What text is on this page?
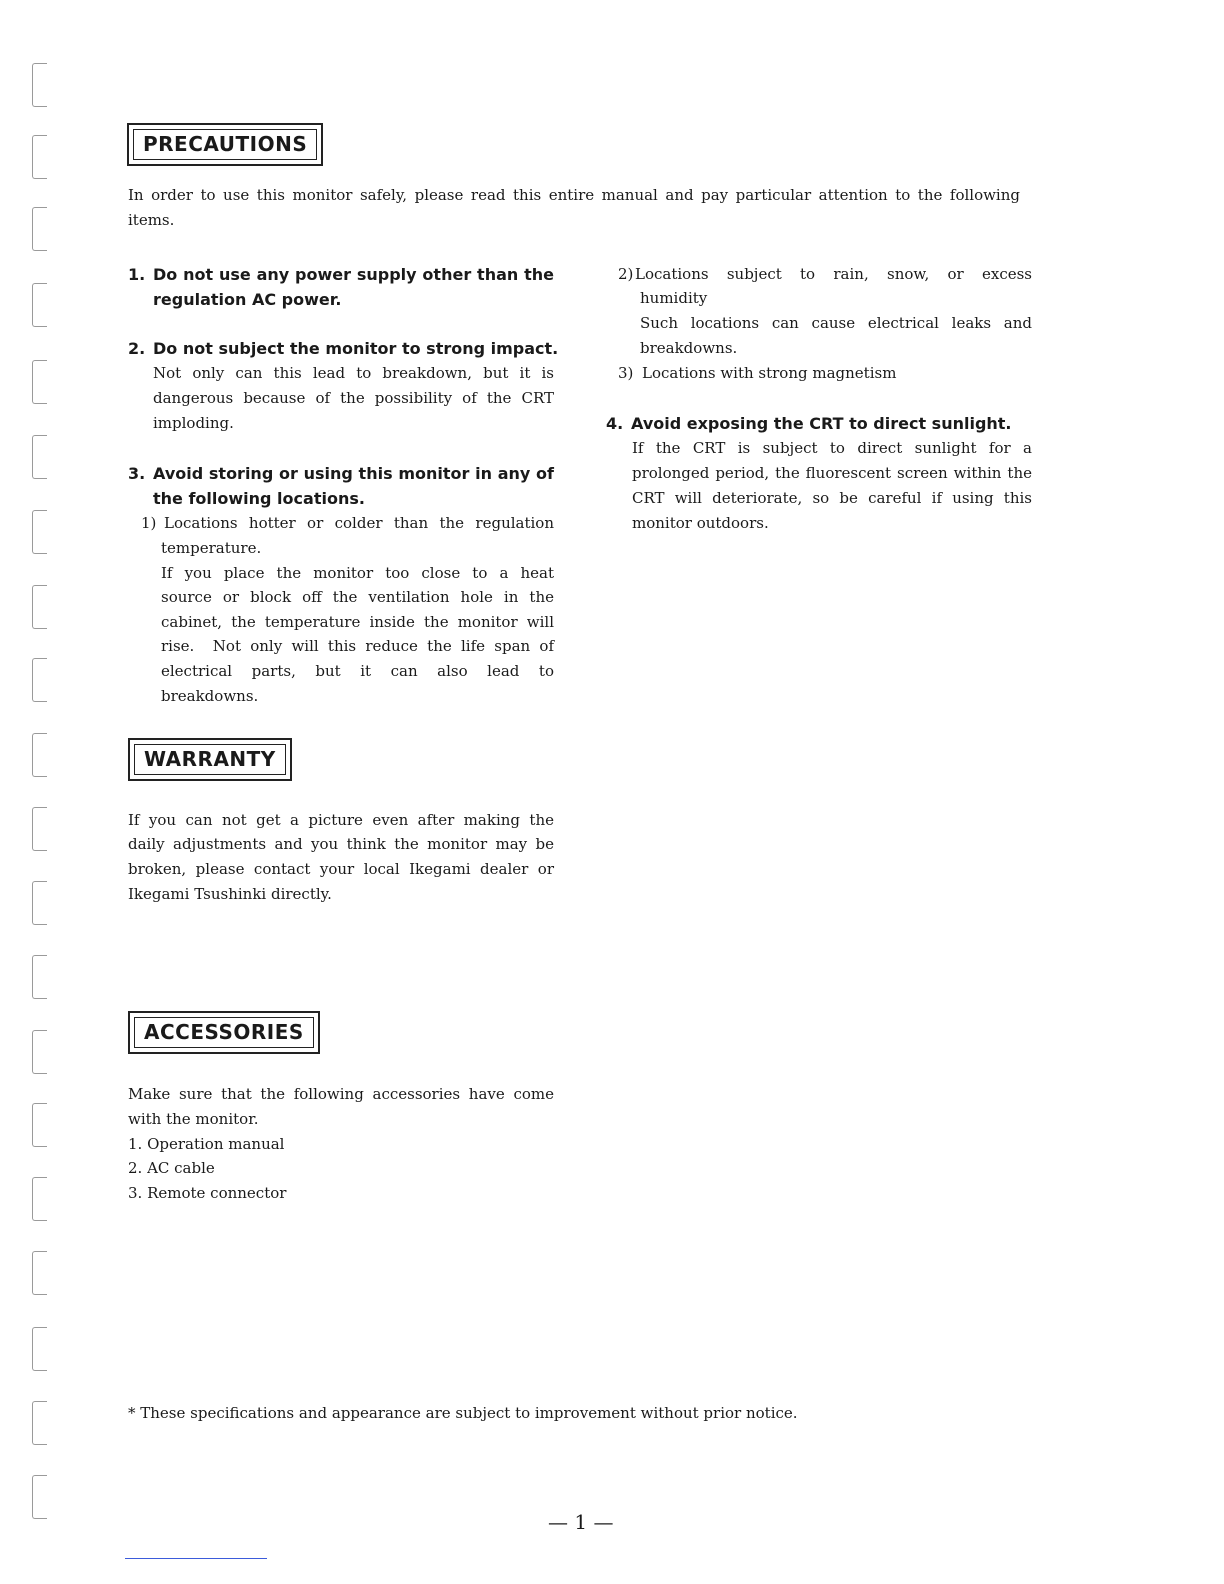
PRECAUTIONS
In order to use this monitor safely, please read this entire manual and pay particular attention to the following
items.
1. Do not use any power supply other than the
regulation AC power.
2. Do not subject the monitor to strong impact.
Not only can this lead to breakdown, but it is
dangerous because of the possibility of the CRT
imploding.
3. Avoid storing or using this monitor in any of
the following locations.
1) Locations hotter or colder than the regulation
temperature.
If you place the monitor too close to a heat
source or block off the ventilation hole in the
cabinet, the temperature inside the monitor will
rise.  Not only will this reduce the life span of
electrical parts, but it can also lead to
breakdowns.
2) Locations subject to rain, snow, or excess
humidity
Such locations can cause electrical leaks and
breakdowns.
3) Locations with strong magnetism
4. Avoid exposing the CRT to direct sunlight.
If the CRT is subject to direct sunlight for a
prolonged period, the fluorescent screen within the
CRT will deteriorate, so be careful if using this
monitor outdoors.
WARRANTY
If you can not get a picture even after making the
daily adjustments and you think the monitor may be
broken, please contact your local Ikegami dealer or
Ikegami Tsushinki directly.
ACCESSORIES
Make sure that the following accessories have come
with the monitor.
1. Operation manual
2. AC cable
3. Remote connector
* These specifications and appearance are subject to improvement without prior notice.
— 1 —
